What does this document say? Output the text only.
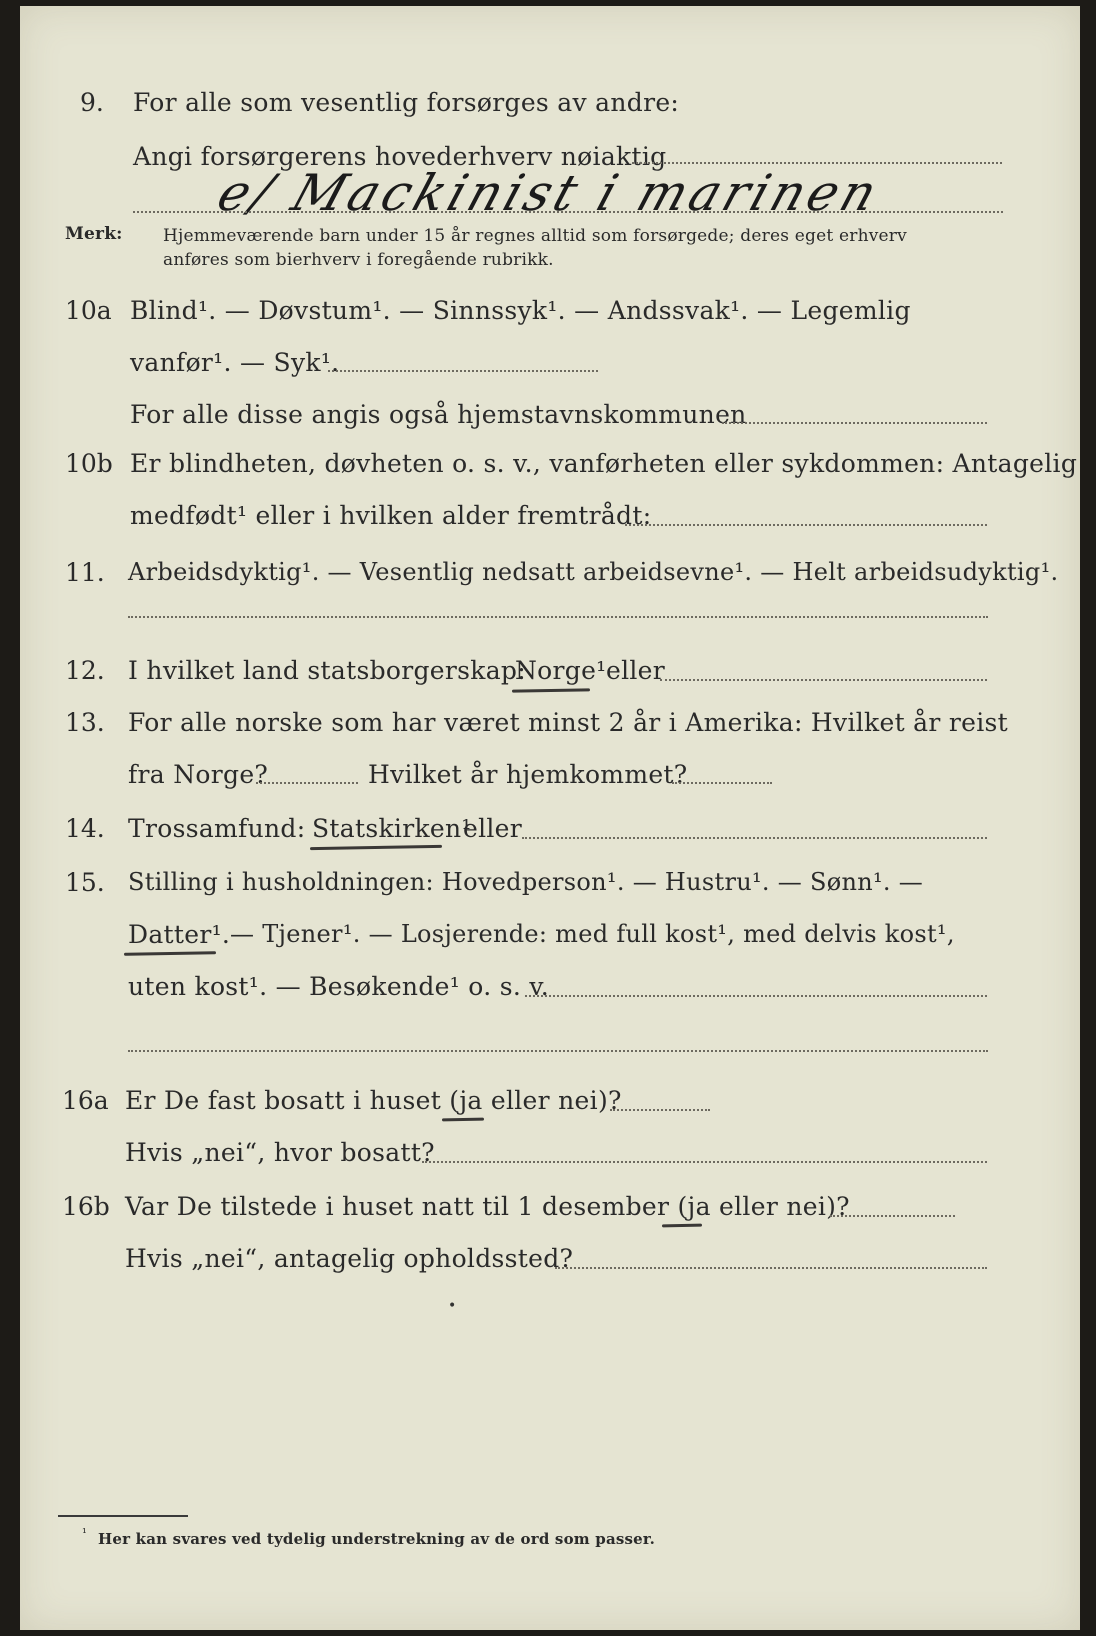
9. For alle som vesentlig forsørges av andre:
Angi forsørgerens hovederhverv nøiaktig
e/ Mackinist i marinen
Merk: Hjemmeværende barn under 15 år regnes alltid som forsørgede; deres eget erhverv
anføres som bierhverv i foregående rubrikk.
10a Blind¹. — Døvstum¹. — Sinnssyk¹. — Andssvak¹. — Legemlig
vanfør¹. — Syk¹.
For alle disse angis også hjemstavnskommunen
10b Er blindheten, døvheten o. s. v., vanførheten eller sykdommen: Antagelig
medfødt¹ eller i hvilken alder fremtrådt:
11. Arbeidsdyktig¹. — Vesentlig nedsatt arbeidsevne¹. — Helt arbeidsudyktig¹.
12. I hvilket land statsborgerskap:
Norge¹ eller
13. For alle norske som har været minst 2 år i Amerika: Hvilket år reist
fra Norge?	Hvilket år hjemkommet?
14. Trossamfund: Statskirken¹
eller
15. Stilling i husholdningen: Hovedperson¹. — Hustru¹. — Sønn¹. —
Datter¹. — Tjener¹. — Losjerende: med full kost¹, med delvis kost¹,
uten kost¹. — Besøkende¹ o. s. v.
16a Er De fast bosatt i huset (ja eller nei)?
Hvis „nei“, hvor bosatt?
16b Var De tilstede i huset natt til 1 desember (ja eller nei)?
Hvis „nei“, antagelig opholdssted?
•
¹ Her kan svares ved tydelig understrekning av de ord som passer.
